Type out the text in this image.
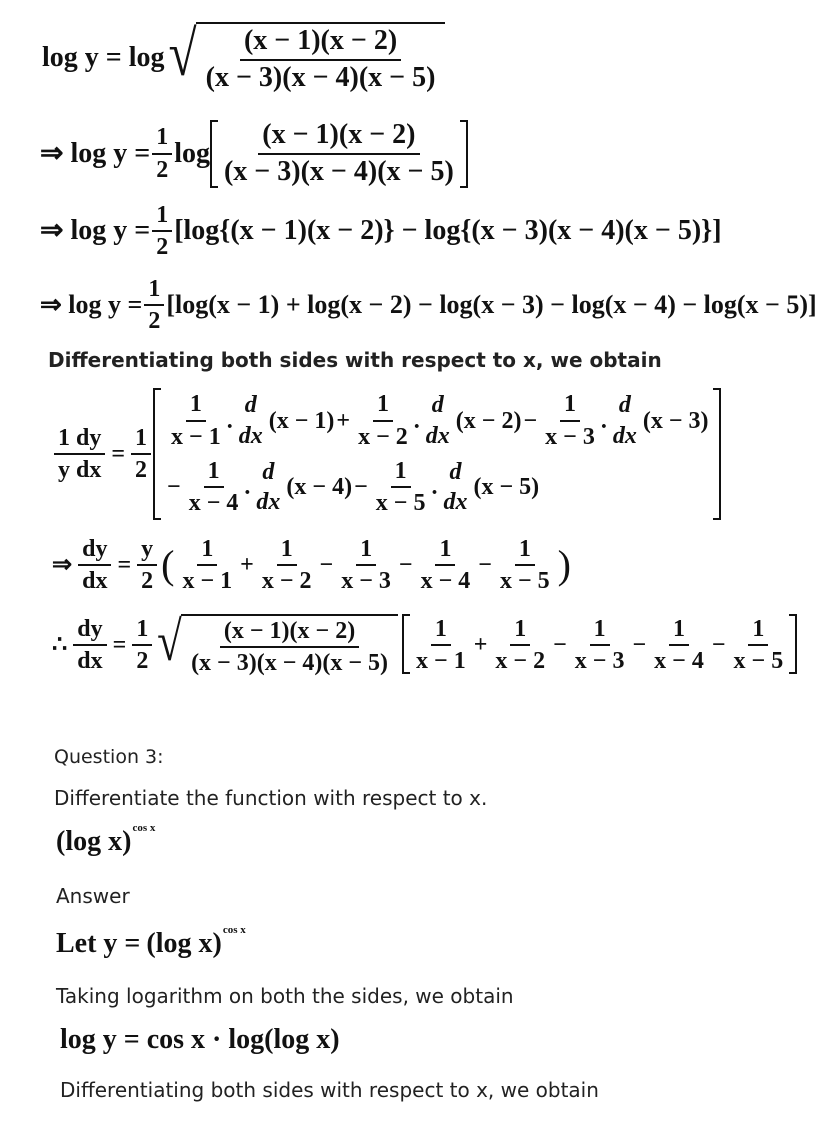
log y = log √ $\frac{(x - 1)(x - 2)}{(x - 3)(x - 4)(x - 5)}$
⇒ $\log y = \frac{1}{2}$ $\log \frac{(x - 1)(x - 2)}{(x - 3)(x - 4)(x - 5)}$
⇒ $\log y = \frac{1}{2} [\log\{(x - 1)(x - 2)\} - \log\{(x - 3)(x - 4)(x - 5)\}]$
⇒ $\log y = \frac{1}{2} [\log(x - 1) + \log(x - 2) - \log(x - 3) - \log(x - 4) - \log(x - 5)]$
Differentiating both sides with respect to x, we obtain
$\frac{1 dy}{\text{y dx}} = \frac{1}{2}$
$\frac{1}{x - 1}$ .
d
dx
$(x - 1) + \frac{1}{x - 2}$ .
d
dx
$(x - 2) - \frac{1}{x - 3}$ .
d
dx
(x − 3)
− $\frac{1}{x - 4}$ .
d
dx
$(x - 4) - \frac{1}{x - 5}$ .
d
dx
(x − 5)
⇒ $\frac{dy}{dx} = \frac{y}{2}$ ( $\frac{1}{x - 1} + \frac{1}{x - 2} - \frac{1}{x - 3} - \frac{1}{x - 4} - \frac{1}{x - 5}$ )
∴ $\frac{dy}{dx} = \frac{1}{2}$ √ $\frac{(x - 1)(x - 2)}{(x - 3)(x - 4)(x - 5)} \frac{1}{x - 1} + \frac{1}{x - 2} - \frac{1}{x - 3} - \frac{1}{x - 4} - \frac{1}{x - 5}$
Question 3:
Differentiate the function with respect to x.
(log x) cos x
Answer
Let y = (log x) cos x
Taking logarithm on both the sides, we obtain
log y = cos x · log(log x)
Differentiating both sides with respect to x, we obtain
